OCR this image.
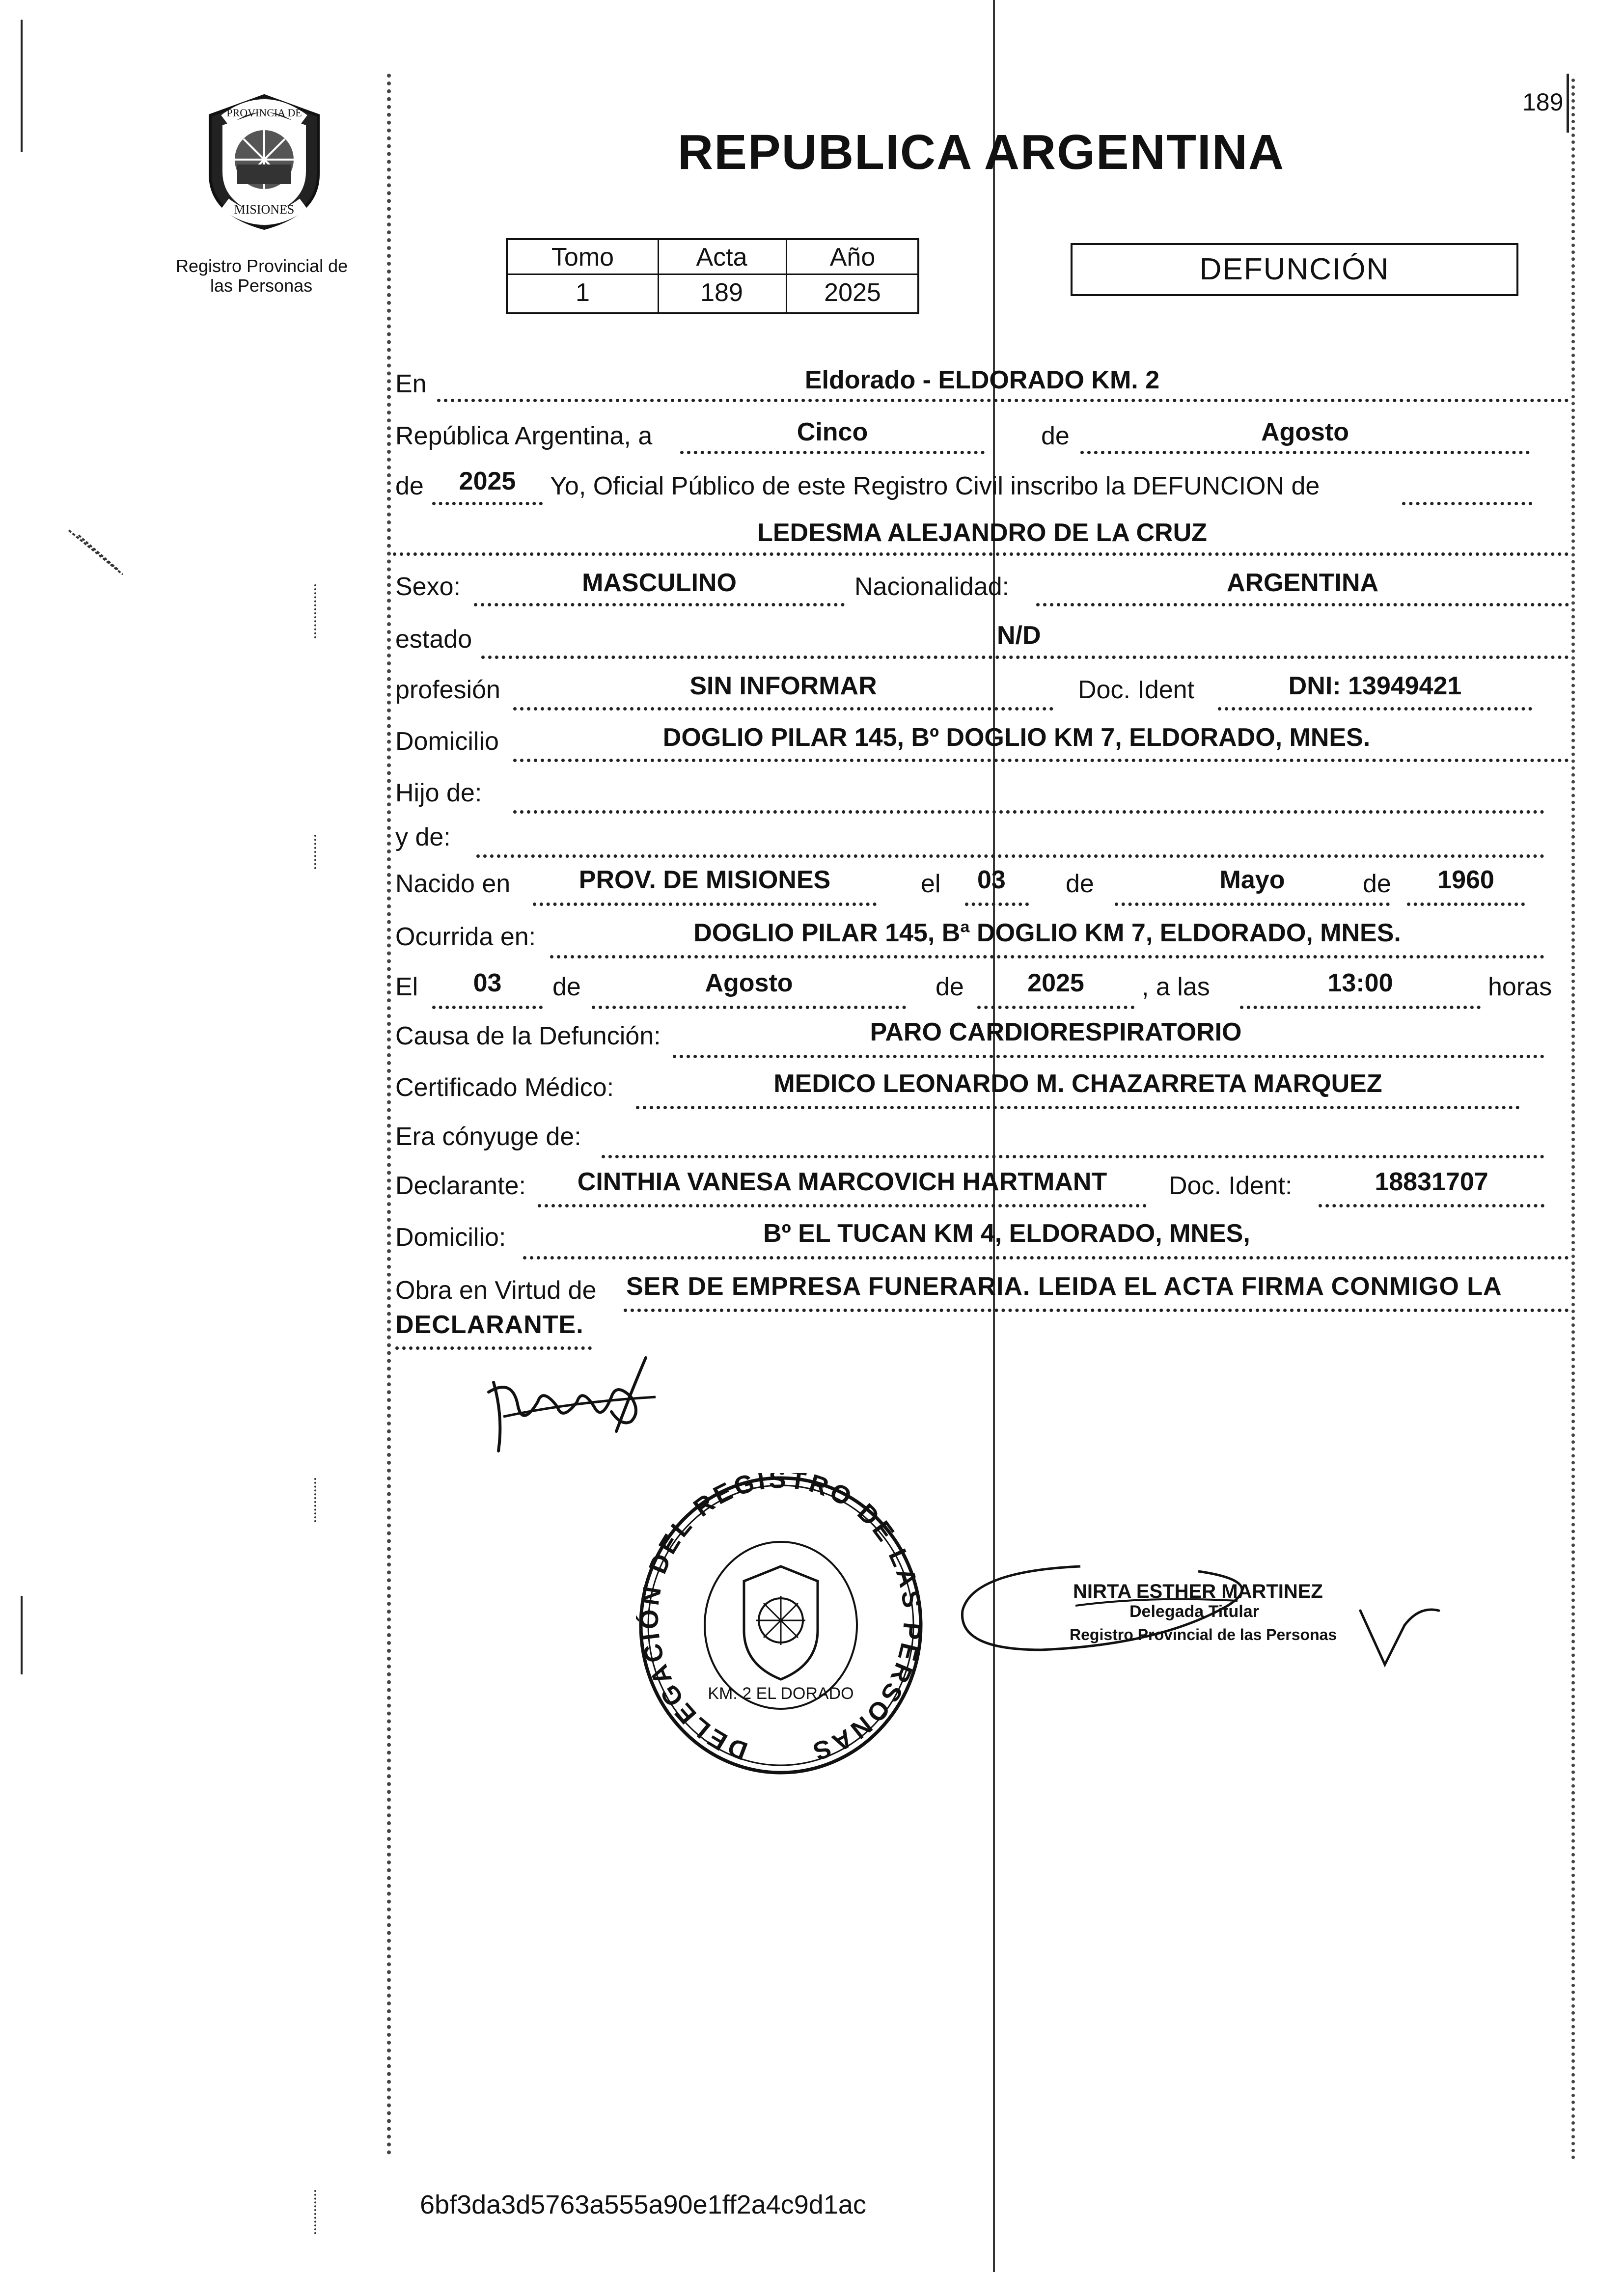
189
PROVINCIA DE
MISIONES
Registro Provincial de
las Personas
REPUBLICA ARGENTINA
Tomo	Acta	Año
1	189	2025
DEFUNCIÓN
En	Eldorado - ELDORADO KM. 2
República Argentina, a	Cinco	de	Agosto
de	2025	Yo, Oficial Público de este Registro Civil inscribo la DEFUNCION de
LEDESMA ALEJANDRO DE LA CRUZ
Sexo:	MASCULINO	Nacionalidad:	ARGENTINA
estado	N/D
profesión	SIN INFORMAR	Doc. Ident	DNI: 13949421
Domicilio	DOGLIO PILAR 145, Bº DOGLIO KM 7, ELDORADO, MNES.
Hijo de:
y de:
Nacido en	PROV. DE MISIONES	el 03	de	Mayo	de	1960
Ocurrida en:	DOGLIO PILAR 145, Bª DOGLIO KM 7, ELDORADO, MNES.
El	03	de	Agosto	de	2025	, a las	13:00	horas
Causa de la Defunción:	PARO CARDIORESPIRATORIO
Certificado Médico:	MEDICO LEONARDO M. CHAZARRETA MARQUEZ
Era cónyuge de:
Declarante:	CINTHIA VANESA MARCOVICH HARTMANT	Doc. Ident:	18831707
Domicilio:	Bº EL TUCAN KM 4, ELDORADO, MNES,
Obra en Virtud de SER DE EMPRESA FUNERARIA. LEIDA EL ACTA FIRMA CONMIGO LA
DECLARANTE.
DELEGACIÓN DEL REGISTRO DE LAS PERSONAS
KM. 2 EL DORADO
NIRTA ESTHER MARTINEZ
Delegada Titular
Registro Provincial de las Personas
6bf3da3d5763a555a90e1ff2a4c9d1ac
